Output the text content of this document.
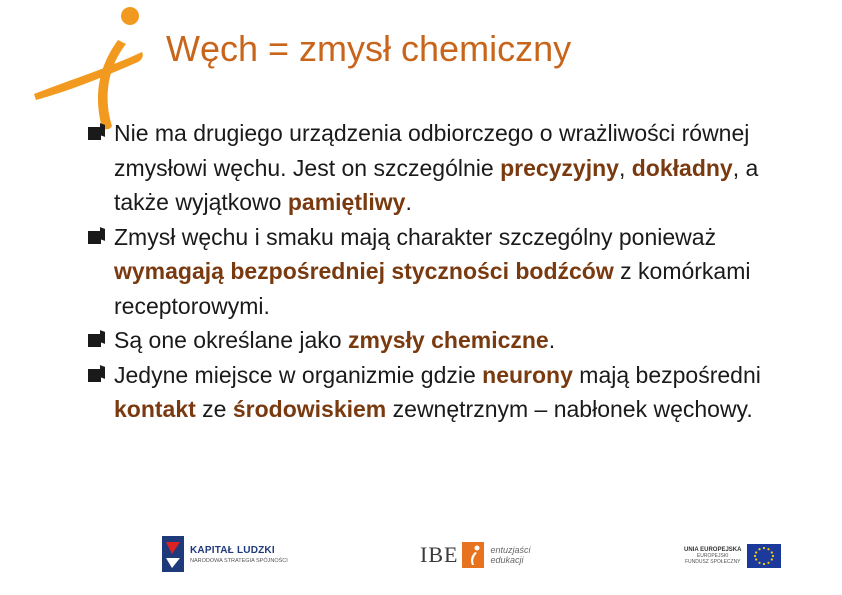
Węch = zmysł chemiczny
Nie ma drugiego urządzenia odbiorczego o wrażliwości równej zmysłowi węchu. Jest on szczególnie precyzyjny, dokładny, a także wyjątkowo pamiętliwy.
Zmysł węchu i smaku mają charakter szczególny ponieważ wymagają bezpośredniej styczności bodźców z komórkami receptorowymi.
Są one określane jako zmysły chemiczne.
Jedyne miejsce w organizmie gdzie neurony mają bezpośredni kontakt ze środowiskiem zewnętrznym – nabłonek węchowy.
KAPITAŁ LUDZKI
NARODOWA STRATEGIA SPÓJNOŚCI	IBE	entuzjaści
edukacji
UNIA EUROPEJSKA
EUROPEJSKI
FUNDUSZ SPOŁECZNY
